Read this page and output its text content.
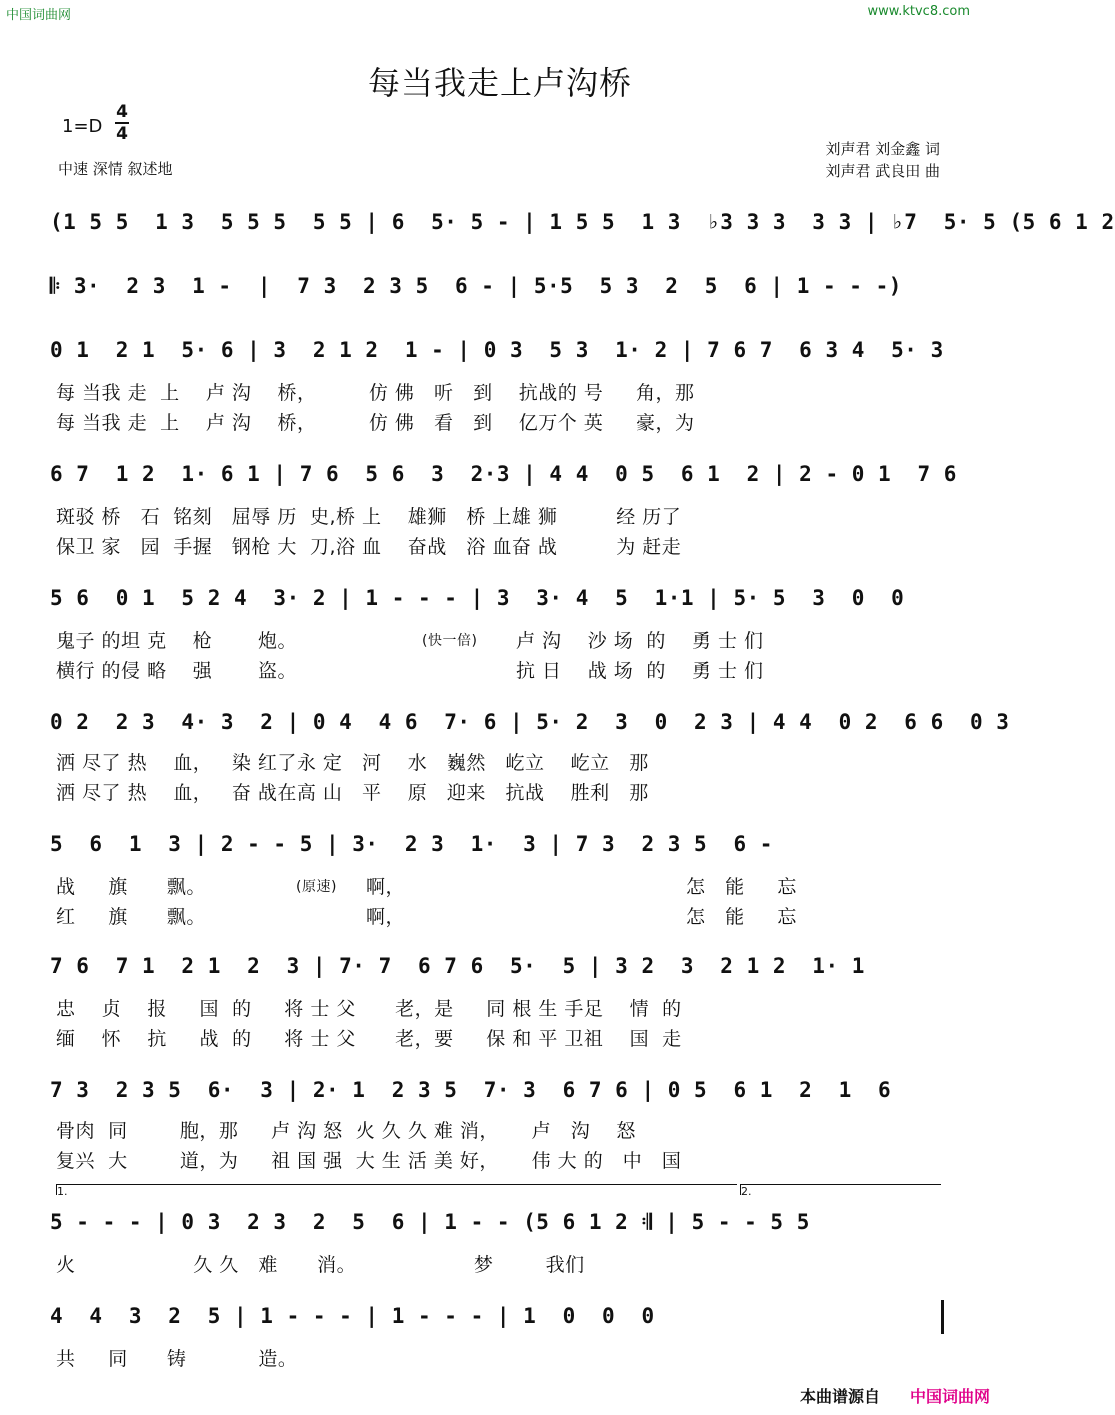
中国词曲网	www.ktvc8.com
每当我走上卢沟桥
1=D
4
4
中速 深情 叙述地
刘声君 刘金鑫 词
刘声君 武良田 曲
(1 5 5  1 3  5 5 5  5 5 | 6  5· 5 - | 1 5 5  1 3  ♭3 3 3  3 3 | ♭7  5· 5 (5 6 1 2
𝄆 3·  2 3  1 -  |  7 3  2 3 5  6 - | 5·5  5 3  2  5  6 | 1 - - -)
0 1  2 1  5· 6 | 3  2 1 2  1 - | 0 3  5 3  1· 2 | 7 6 7  6 3 4  5· 3
每 当我 走  上    卢 沟    桥，        仿 佛   听   到    抗战的 号     角，那
每 当我 走  上    卢 沟    桥，        仿 佛   看   到    亿万个 英     豪，为
6 7  1 2  1· 6 1 | 7 6  5 6  3  2·3 | 4 4  0 5  6 1  2 | 2 - 0 1  7 6
斑驳 桥   石  铭刻   屈辱 历  史,桥 上    雄狮   桥 上雄 狮         经 历了
保卫 家   园  手握   钢枪 大  刀,浴 血    奋战   浴 血奋 战         为 赶走
5 6  0 1  5 2 4  3· 2 | 1 - - - | 3  3· 4  5  1·1 | 5· 5  3  0  0
鬼子 的坦 克    枪       炮。
横行 的侵 略    强       盗。
(快一倍)	卢 沟    沙 场  的    勇 士 们
抗 日    战 场  的    勇 士 们
0 2  2 3  4· 3  2 | 0 4  4 6  7· 6 | 5· 2  3  0  2 3 | 4 4  0 2  6 6  0 3
洒 尽了 热    血，   染 红了永 定   河    水   巍然   屹立    屹立   那
洒 尽了 热    血，   奋 战在高 山   平    原   迎来   抗战    胜利   那
5  6  1  3 | 2 - - 5 | 3·  2 3  1·  3 | 7 3  2 3 5  6 -
战     旗      飘。
红     旗      飘。
(原速)	啊，
啊，
怎   能     忘
怎   能     忘
7 6  7 1  2 1  2  3 | 7· 7  6 7 6  5·  5 | 3 2  3  2 1 2  1· 1
忠    贞    报     国  的     将 士 父      老，是     同 根 生 手足    情  的
缅    怀    抗     战  的     将 士 父      老，要     保 和 平 卫祖    国  走
7 3  2 3 5  6·  3 | 2· 1  2 3 5  7· 3  6 7 6 | 0 5  6 1  2  1  6
骨肉  同        胞，那     卢 沟 怒  火 久 久 难 消，     卢   沟    怒
复兴  大        道，为     祖 国 强  大 生 活 美 好，     伟 大 的   中   国
1.	2.
5 - - - | 0 3  2 3  2  5  6 | 1 - - (5 6 1 2 𝄇 | 5 - - 5 5
火                  久 久   难      消。                  梦        我们
4  4  3  2  5 | 1 - - - | 1 - - - | 1  0  0  0
共     同      铸           造。
本曲谱源自 中国词曲网
